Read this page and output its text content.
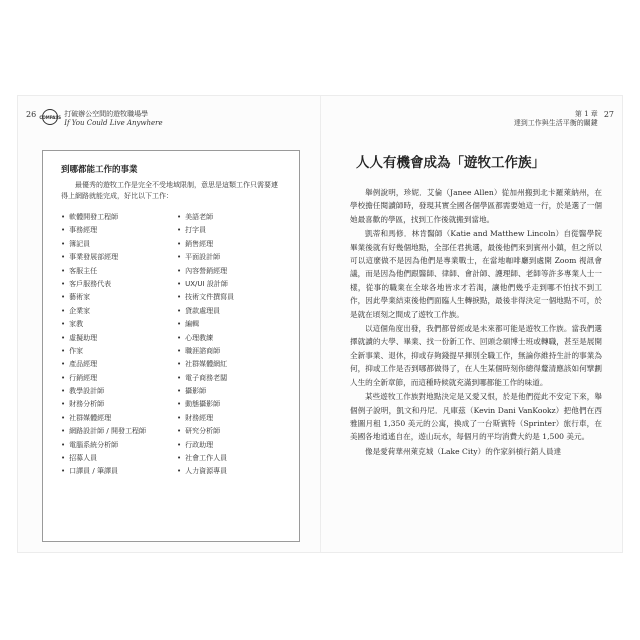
26 COMPASS 打破辦公空間的遊牧職場學
If You Could Live Anywhere
第 1 章
達到工作與生活平衡的關鍵
27
到哪都能工作的事業
最優秀的遊牧工作是完全不受地域限制，意思是這類工作只需要連得上網路就能完成，好比以下工作：
• 軟體開發工程師	• 美語老師
• 事務經理	• 打字員
• 簿記員	• 銷售經理
• 事業發展部經理	• 平面設計師
• 客服主任	• 內容營銷經理
• 客戶服務代表	• UX/UI 設計師
• 藝術家	• 技術文件撰寫員
• 企業家	• 貸款處理員
• 家教	• 編輯
• 虛擬助理	• 心理教練
• 作家	• 職涯諮商師
• 產品經理	• 社群媒體網紅
• 行銷經理	• 電子商務老闆
• 教學設計師	• 攝影師
• 財務分析師	• 動態攝影師
• 社群媒體經理	• 財務經理
• 網路設計師 / 開發工程師	• 研究分析師
• 電腦系統分析師	• 行政助理
• 招募人員	• 社會工作人員
• 口譯員 / 筆譯員	• 人力資源專員
人人有機會成為「遊牧工作族」

舉例說明，珍妮．艾倫（Janee Allen）從加州搬到北卡羅萊納州，在學校擔任閱讀師時，發現其實全國各個學區都需要她這一行，於是選了一個她最喜歡的學區，找到工作後就搬到當地。

凱蒂和馬修．林肯醫師（Katie and Matthew Lincoln）自從醫學院畢業後就有好幾個地點，全部任君挑選，最後他們來到賓州小鎮，但之所以可以這麼做不是因為他們是專業戰士，在當地咖啡廳到處開 Zoom 視訊會議，而是因為他們跟醫師、律師、會計師、護理師、老師等許多專業人士一樣，從事的職業在全球各地皆求才若渴，讓他們幾乎走到哪不怕找不到工作，因此學業結束後他們面臨人生轉捩點，最後非得決定一個地點不可，於是就在頃刻之間成了遊牧工作族。

以這個角度出發，我們都曾經或是未來都可能是遊牧工作族。當我們選擇就讀的大學、畢業、找一份新工作、回頭念碩博士班或轉職，甚至是展開全新事業、退休，抑或存夠錢提早揮別全職工作，無論你維持生計的事業為何，抑或工作是否到哪都做得了，在人生某個時刻你總得釐清應該如何擘劃人生的全新章節，而這種時候就充滿到哪都能工作的味道。

某些遊牧工作族對地點決定是又愛又恨，於是他們從此不安定下來，舉個例子說明，凱文和丹尼．凡庫茲（Kevin Dani VanKookz）把他們在西雅圖月租 1,350 美元的公寓，換成了一台斯賓特（Sprinter）旅行車，在美國各地逍遙自在，遊山玩水，每個月的平均消費大約是 1,500 美元。

像是愛荷華州萊克城（Lake City）的作家斜槓行銷人員達
